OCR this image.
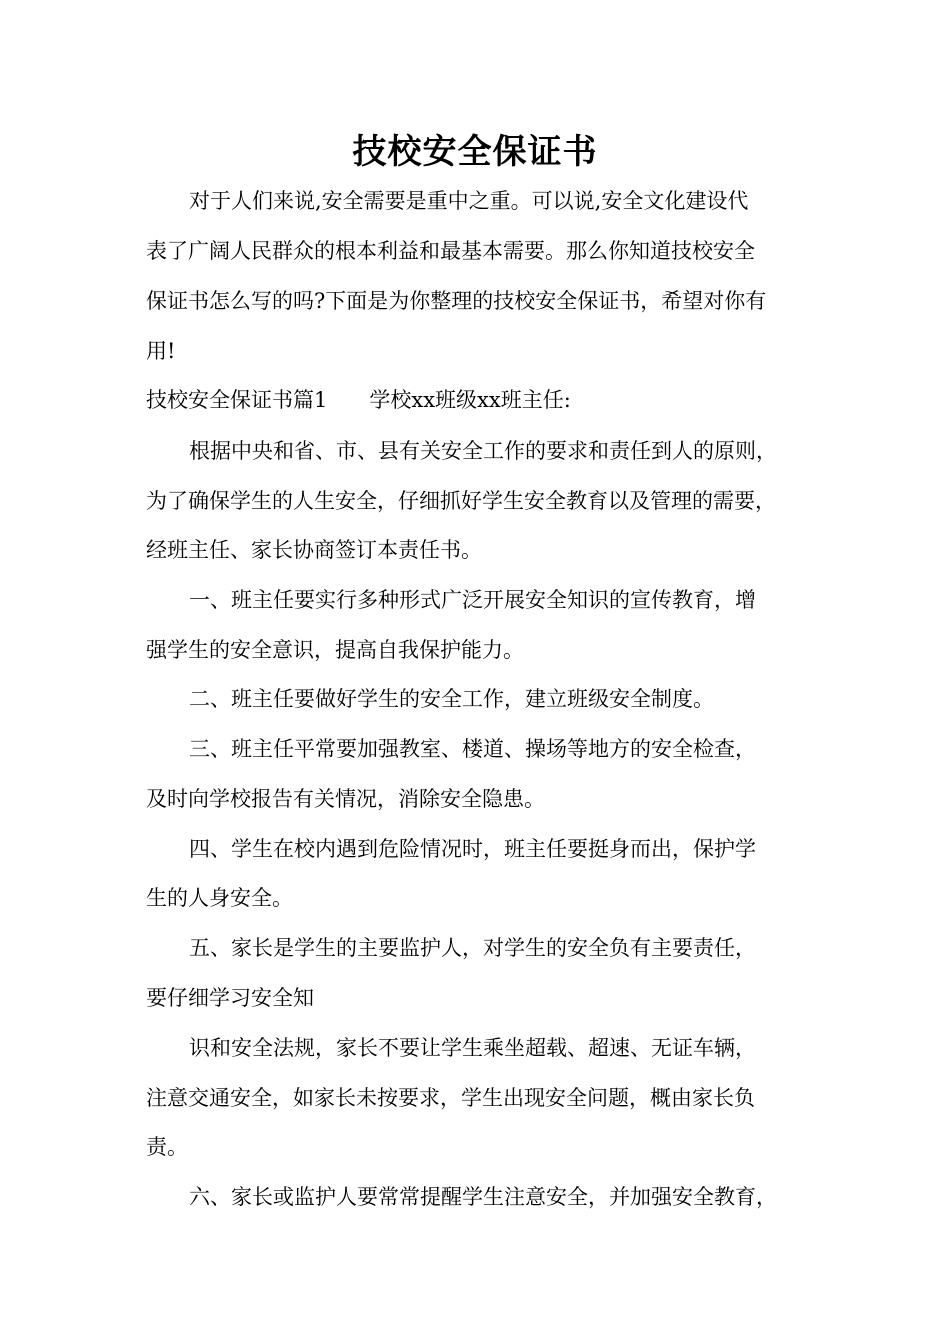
技校安全保证书
对于人们来说,安全需要是重中之重。可以说,安全文化建设代
表了广阔人民群众的根本利益和最基本需要。那么你知道技校安全
保证书怎么写的吗?下面是为你整理的技校安全保证书，希望对你有
用!
技校安全保证书篇1 学校xx班级xx班主任:
根据中央和省、市、县有关安全工作的要求和责任到人的原则，
为了确保学生的人生安全，仔细抓好学生安全教育以及管理的需要，
经班主任、家长协商签订本责任书。
一、班主任要实行多种形式广泛开展安全知识的宣传教育，增
强学生的安全意识，提高自我保护能力。
二、班主任要做好学生的安全工作，建立班级安全制度。
三、班主任平常要加强教室、楼道、操场等地方的安全检查，
及时向学校报告有关情况，消除安全隐患。
四、学生在校内遇到危险情况时，班主任要挺身而出，保护学
生的人身安全。
五、家长是学生的主要监护人，对学生的安全负有主要责任，
要仔细学习安全知
识和安全法规，家长不要让学生乘坐超载、超速、无证车辆，
注意交通安全，如家长未按要求，学生出现安全问题，概由家长负
责。
六、家长或监护人要常常提醒学生注意安全，并加强安全教育，
